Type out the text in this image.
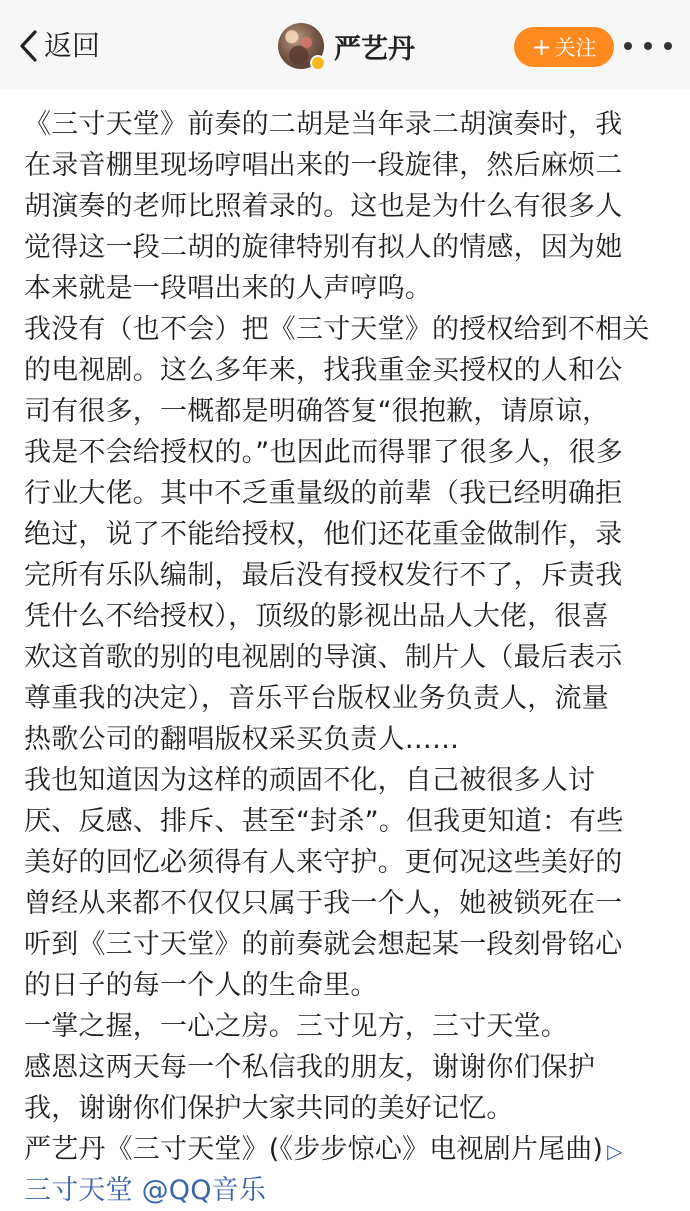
返回	严艺丹	+ 关注
《三寸天堂》前奏的二胡是当年录二胡演奏时，我
在录音棚里现场哼唱出来的一段旋律，然后麻烦二
胡演奏的老师比照着录的。这也是为什么有很多人
觉得这一段二胡的旋律特别有拟人的情感，因为她
本来就是一段唱出来的人声哼呜。
我没有（也不会）把《三寸天堂》的授权给到不相关
的电视剧。这么多年来，找我重金买授权的人和公
司有很多，一概都是明确答复“很抱歉，请原谅，
我是不会给授权的。”也因此而得罪了很多人，很多
行业大佬。其中不乏重量级的前辈（我已经明确拒
绝过，说了不能给授权，他们还花重金做制作，录
完所有乐队编制，最后没有授权发行不了，斥责我
凭什么不给授权），顶级的影视出品人大佬，很喜
欢这首歌的别的电视剧的导演、制片人（最后表示
尊重我的决定），音乐平台版权业务负责人，流量
热歌公司的翻唱版权采买负责人……
我也知道因为这样的顽固不化，自己被很多人讨
厌、反感、排斥、甚至“封杀”。但我更知道：有些
美好的回忆必须得有人来守护。更何况这些美好的
曾经从来都不仅仅只属于我一个人，她被锁死在一
听到《三寸天堂》的前奏就会想起某一段刻骨铭心
的日子的每一个人的生命里。
一掌之握，一心之房。三寸见方，三寸天堂。
感恩这两天每一个私信我的朋友，谢谢你们保护
我，谢谢你们保护大家共同的美好记忆。
严艺丹《三寸天堂》(《步步惊心》电视剧片尾曲) ▷
三寸天堂 @QQ音乐
